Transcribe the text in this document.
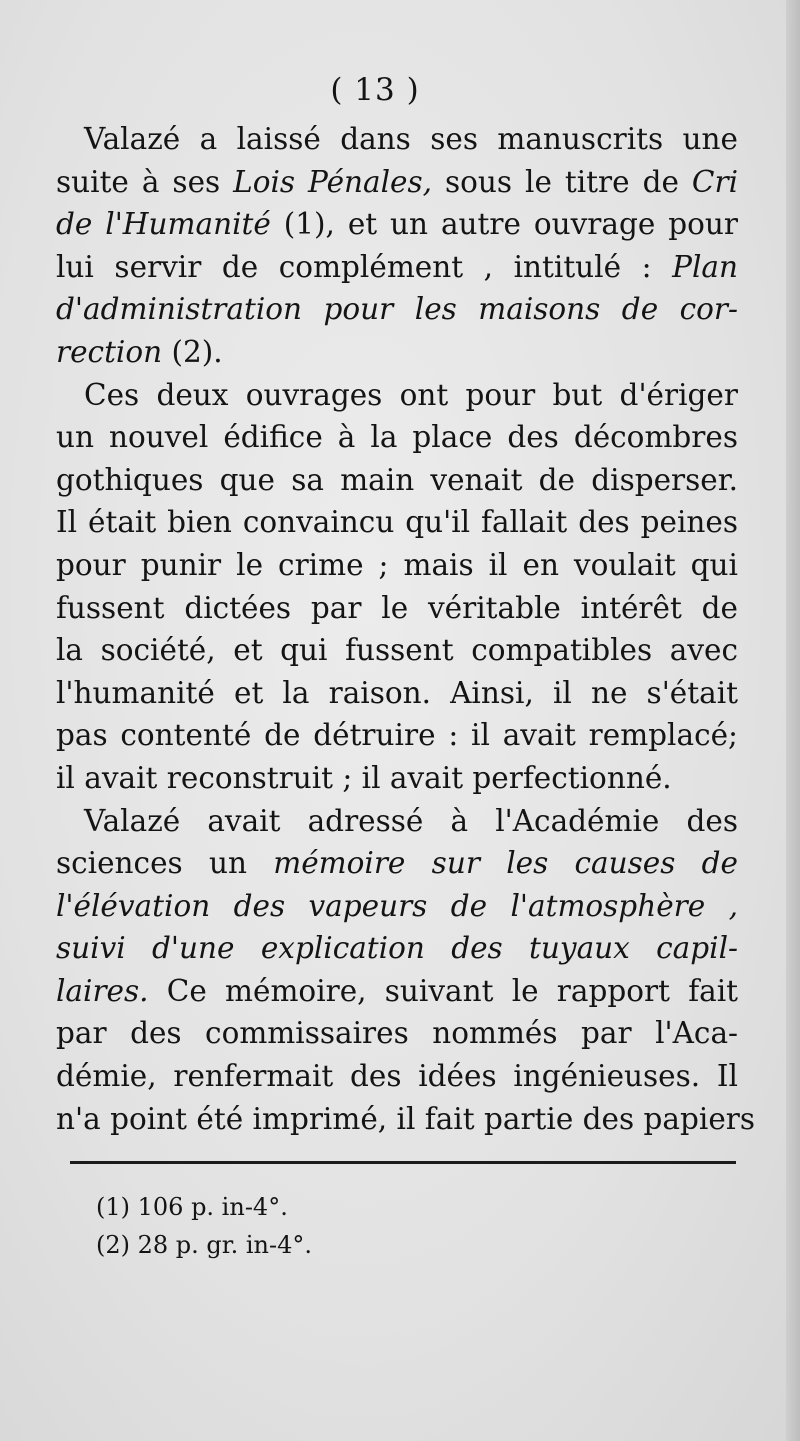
( 13 )
Valazé a laissé dans ses manuscrits une
suite à ses Lois Pénales, sous le titre de Cri
de l'Humanité (1), et un autre ouvrage pour
lui servir de complément , intitulé : Plan
d'administration pour les maisons de cor-
rection (2).
Ces deux ouvrages ont pour but d'ériger
un nouvel édifice à la place des décombres
gothiques que sa main venait de disperser.
Il était bien convaincu qu'il fallait des peines
pour punir le crime ; mais il en voulait qui
fussent dictées par le véritable intérêt de
la société, et qui fussent compatibles avec
l'humanité et la raison. Ainsi, il ne s'était
pas contenté de détruire : il avait remplacé;
il avait reconstruit ; il avait perfectionné.
Valazé avait adressé à l'Académie des
sciences un mémoire sur les causes de
l'élévation des vapeurs de l'atmosphère ,
suivi d'une explication des tuyaux capil-
laires. Ce mémoire, suivant le rapport fait
par des commissaires nommés par l'Aca-
démie, renfermait des idées ingénieuses. Il
n'a point été imprimé, il fait partie des papiers
(1) 106 p. in-4°.
(2) 28 p. gr. in-4°.
